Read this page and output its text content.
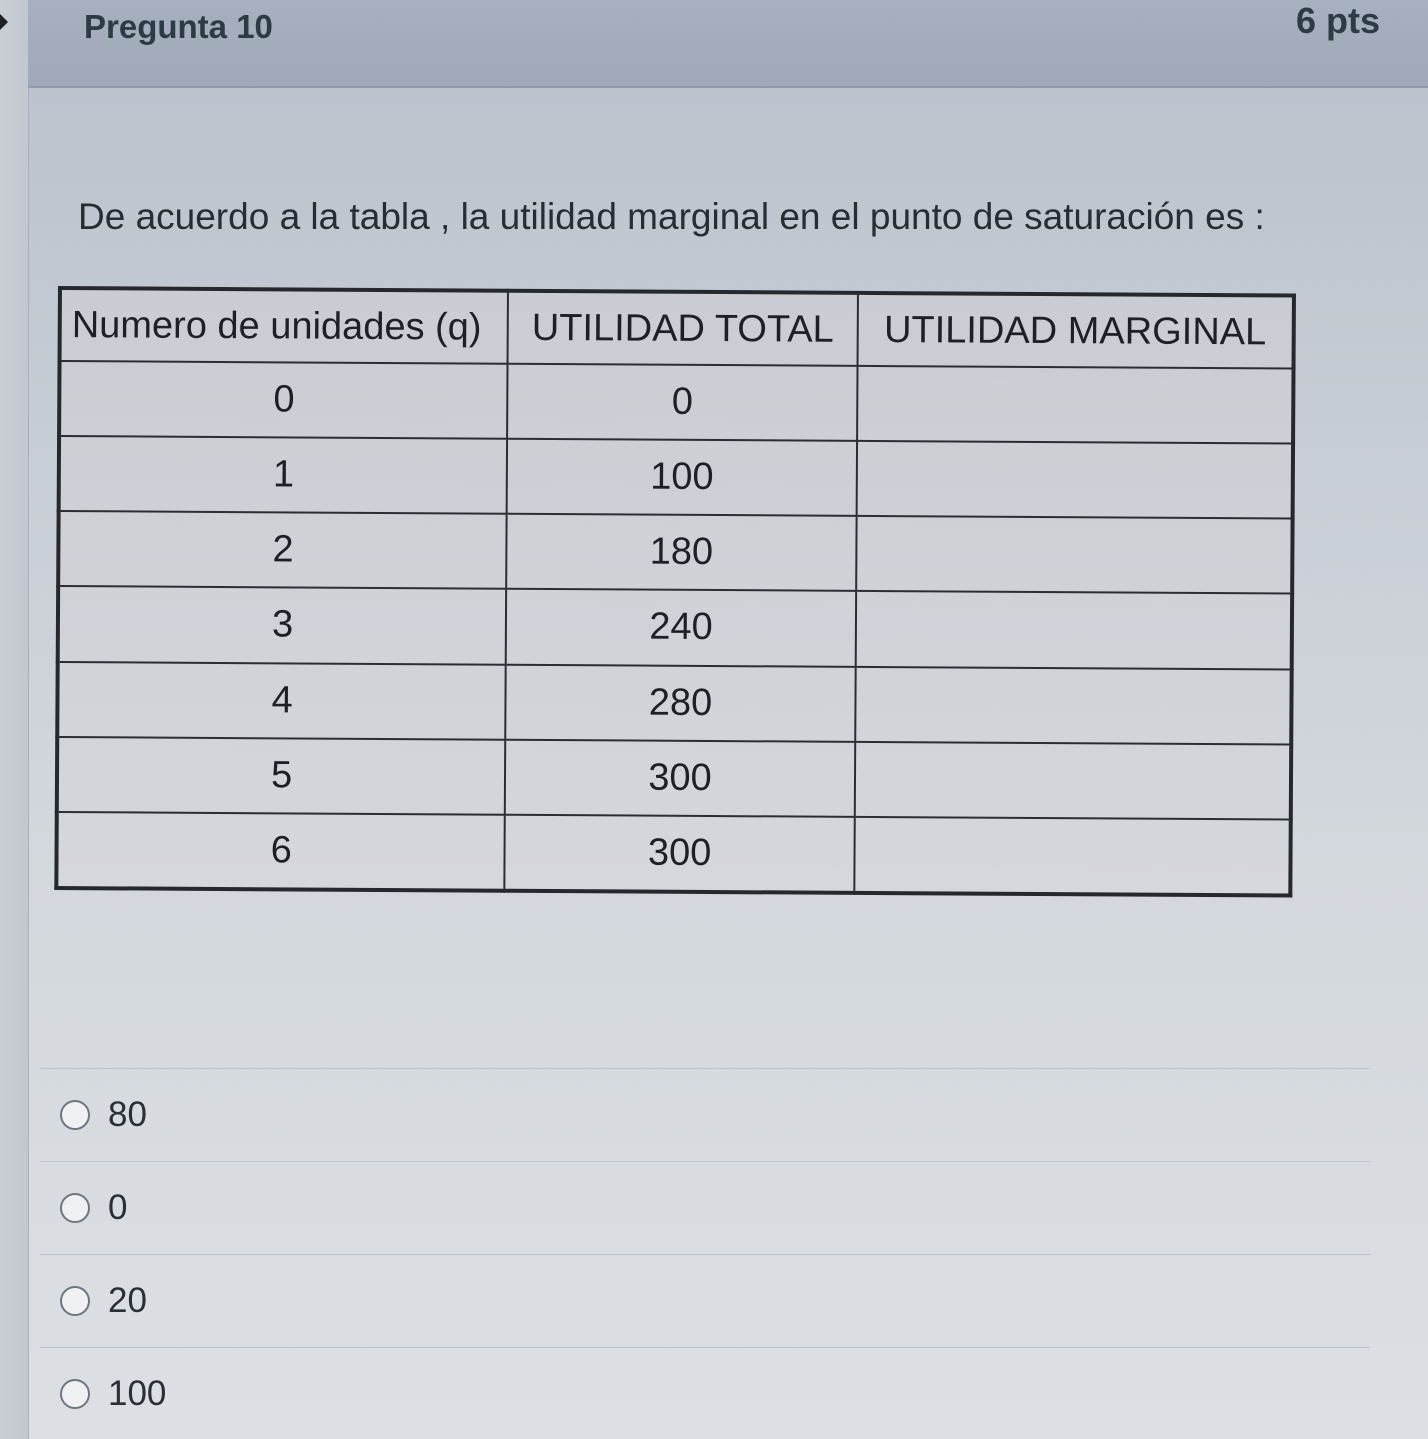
Pregunta 10	6 pts
De acuerdo a la tabla , la utilidad marginal en el punto de saturación es :
Numero de unidades (q)	UTILIDAD TOTAL	UTILIDAD MARGINAL
0	0	
1	100	
2	180	
3	240	
4	280	
5	300	
6	300	
80
0
20
100
